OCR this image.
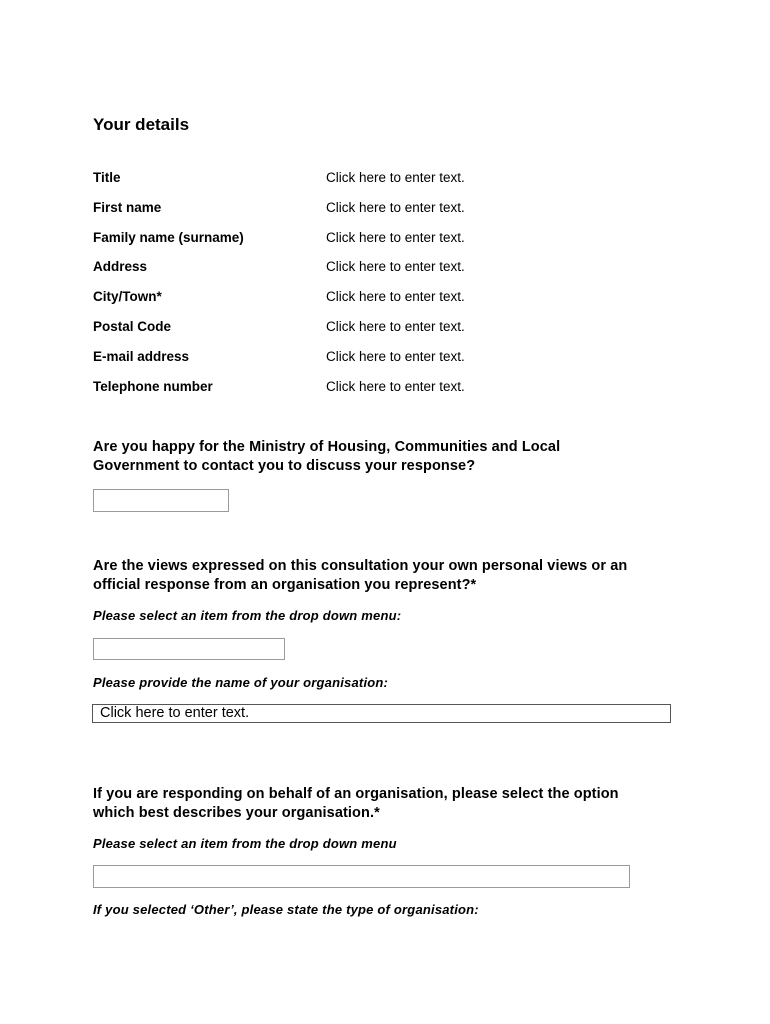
Your details
Title	Click here to enter text.
First name	Click here to enter text.
Family name (surname)	Click here to enter text.
Address	Click here to enter text.
City/Town*	Click here to enter text.
Postal Code	Click here to enter text.
E-mail address	Click here to enter text.
Telephone number	Click here to enter text.

Are you happy for the Ministry of Housing, Communities and Local
Government to contact you to discuss your response?

Are the views expressed on this consultation your own personal views or an
official response from an organisation you represent?*

Please select an item from the drop down menu:

Please provide the name of your organisation:

Click here to enter text.

If you are responding on behalf of an organisation, please select the option
which best describes your organisation.*

Please select an item from the drop down menu

If you selected ‘Other’, please state the type of organisation:
